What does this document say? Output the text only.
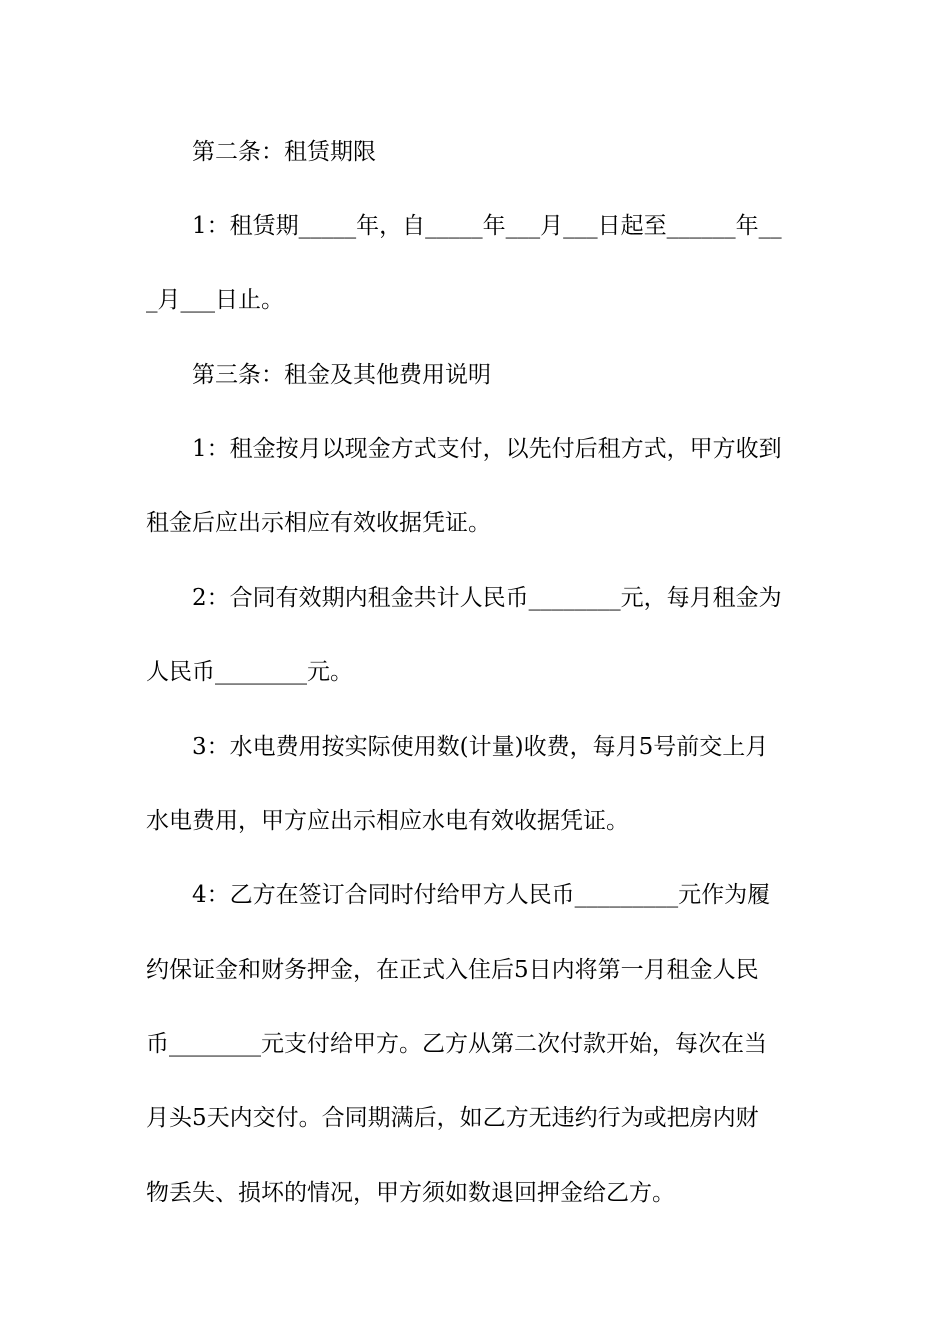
第二条：租赁期限
1：租赁期_____年，自_____年___月___日起至______年__
_月___日止。
第三条：租金及其他费用说明
1：租金按月以现金方式支付，以先付后租方式，甲方收到
租金后应出示相应有效收据凭证。
2：合同有效期内租金共计人民币________元，每月租金为
人民币________元。
3：水电费用按实际使用数(计量)收费，每月5号前交上月
水电费用，甲方应出示相应水电有效收据凭证。
4：乙方在签订合同时付给甲方人民币_________元作为履
约保证金和财务押金，在正式入住后5日内将第一月租金人民
币________元支付给甲方。乙方从第二次付款开始，每次在当
月头5天内交付。合同期满后，如乙方无违约行为或把房内财
物丢失、损坏的情况，甲方须如数退回押金给乙方。
